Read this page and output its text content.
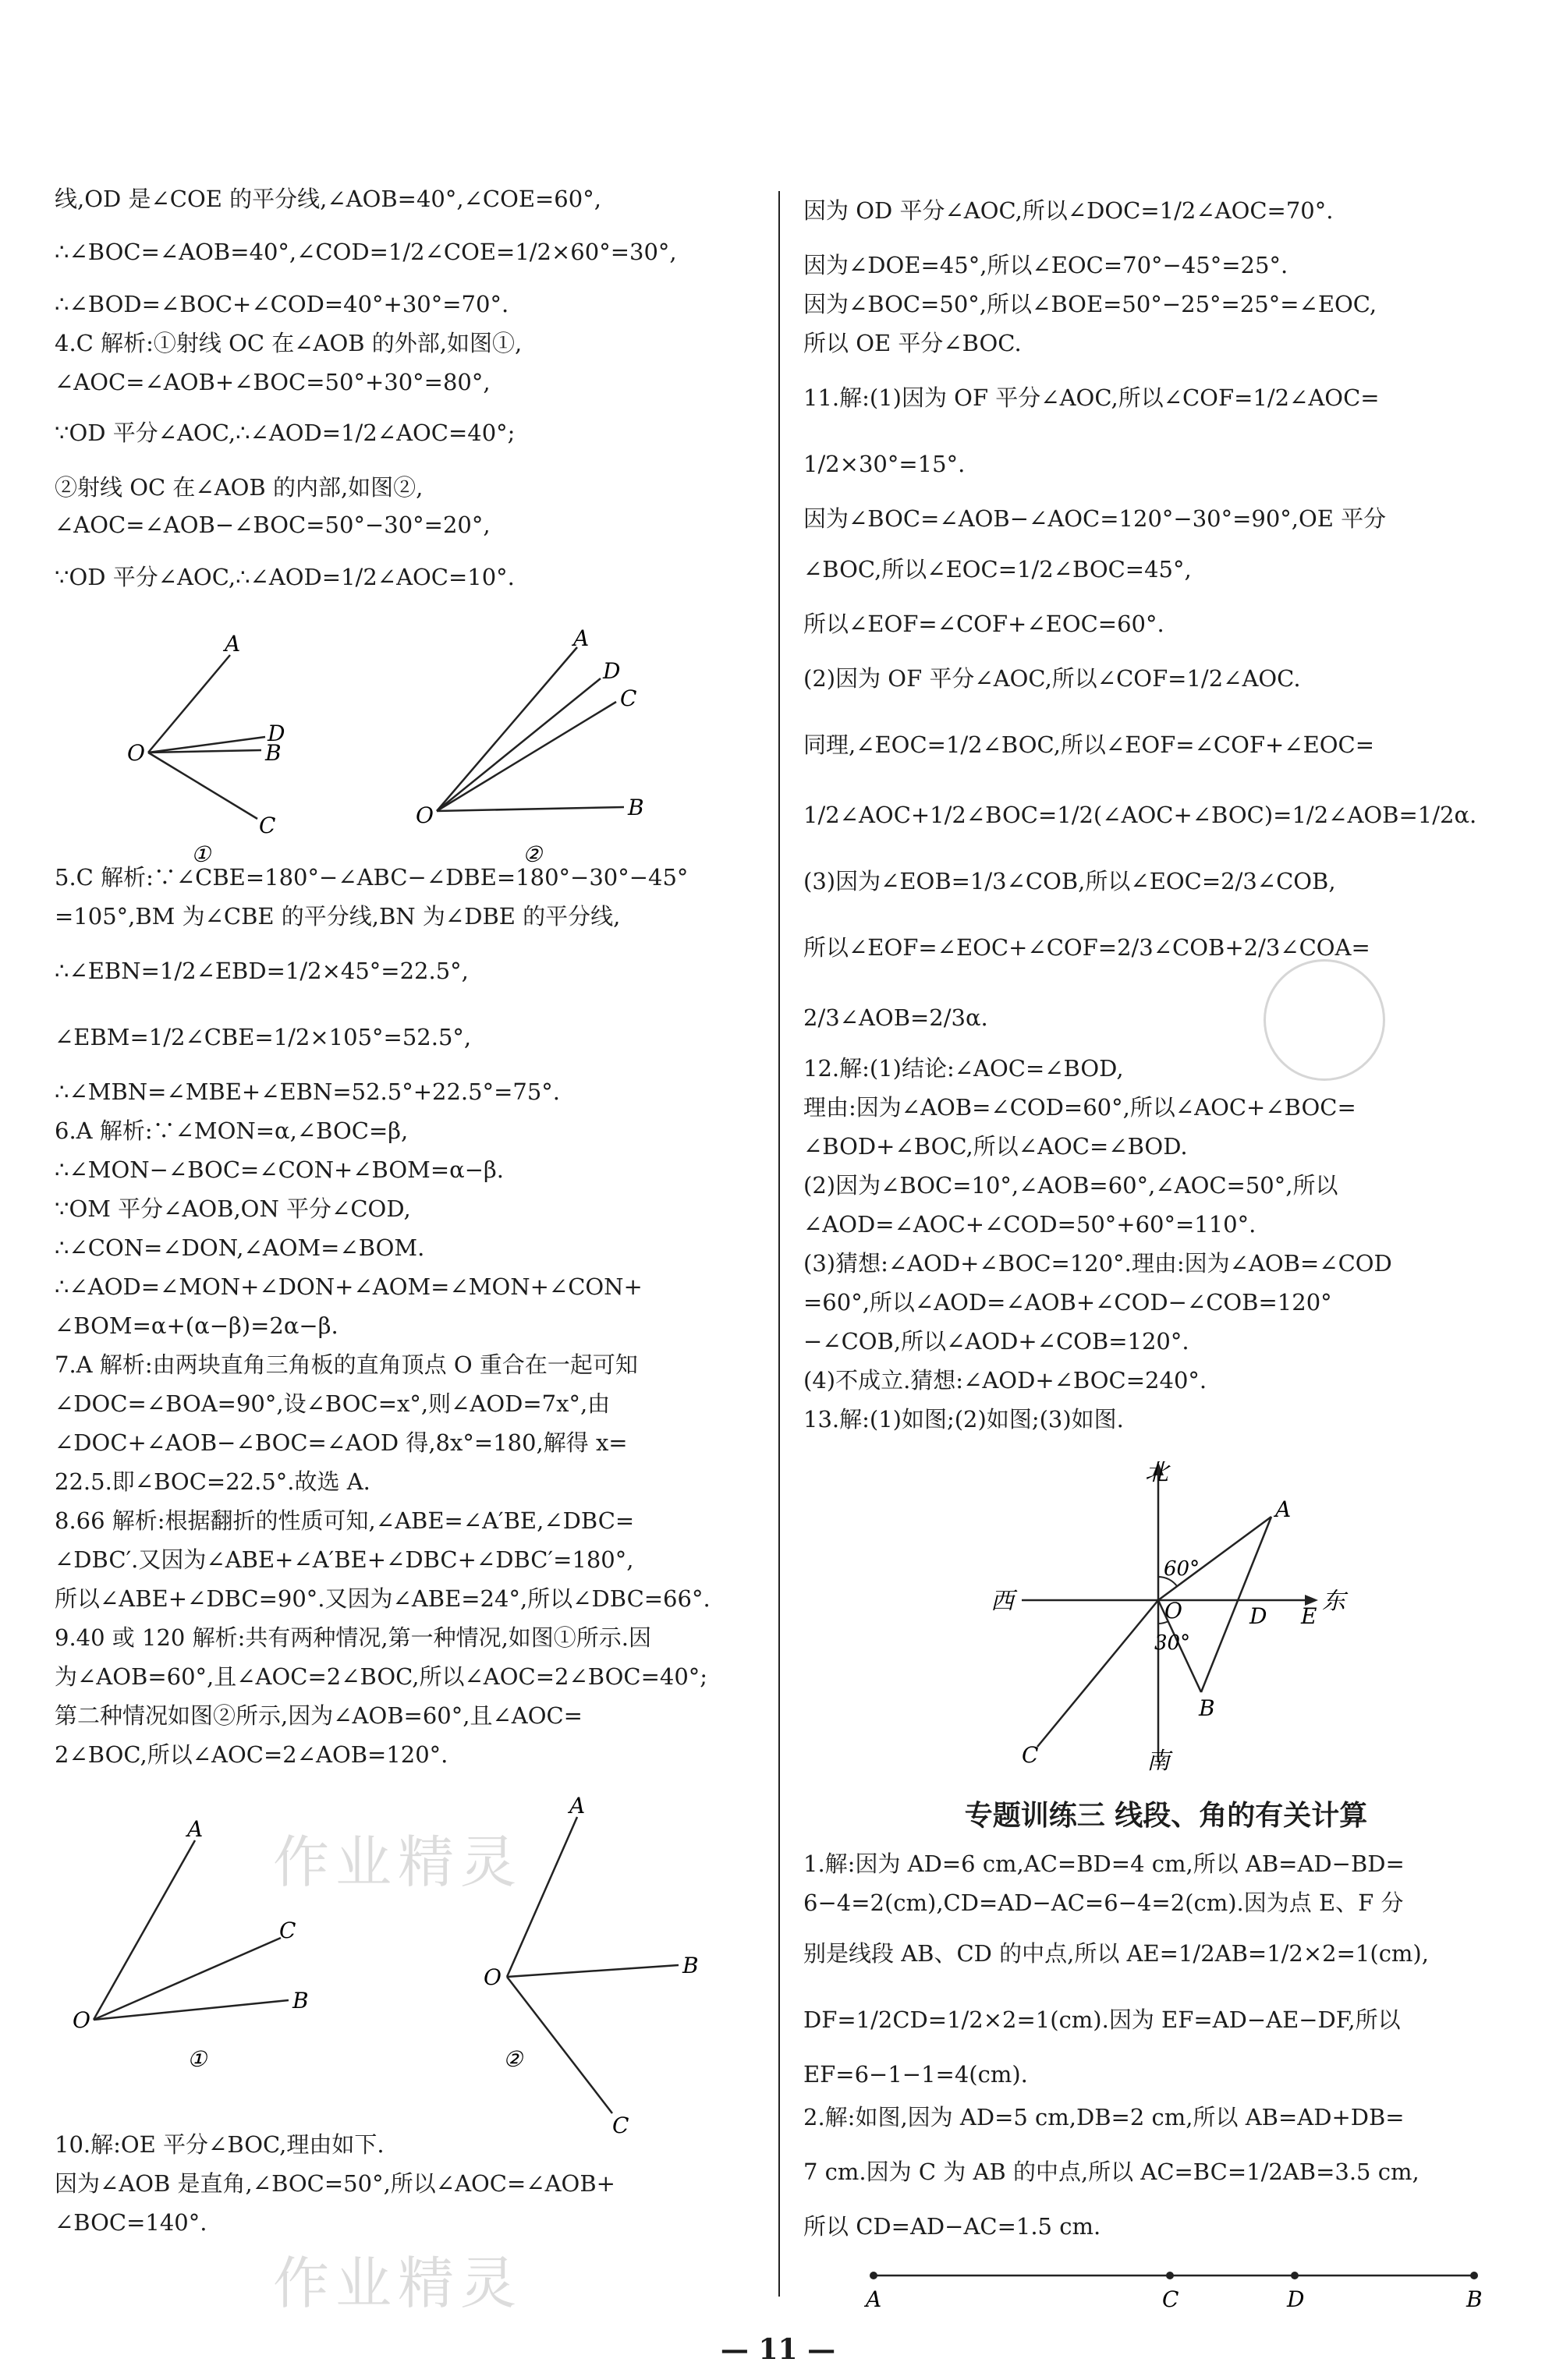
线,OD 是∠COE 的平分线,∠AOB=40°,∠COE=60°,
∴∠BOC=∠AOB=40°,∠COD=1/2∠COE=1/2×60°=30°,
∴∠BOD=∠BOC+∠COD=40°+30°=70°.
4.C 解析:①射线 OC 在∠AOB 的外部,如图①,
∠AOC=∠AOB+∠BOC=50°+30°=80°,
∵OD 平分∠AOC,∴∠AOD=1/2∠AOC=40°;
②射线 OC 在∠AOB 的内部,如图②,
∠AOC=∠AOB−∠BOC=50°−30°=20°,
∵OD 平分∠AOC,∴∠AOD=1/2∠AOC=10°.
5.C 解析:∵∠CBE=180°−∠ABC−∠DBE=180°−30°−45°
=105°,BM 为∠CBE 的平分线,BN 为∠DBE 的平分线,
∴∠EBN=1/2∠EBD=1/2×45°=22.5°,
∠EBM=1/2∠CBE=1/2×105°=52.5°,
∴∠MBN=∠MBE+∠EBN=52.5°+22.5°=75°.
6.A 解析:∵∠MON=α,∠BOC=β,
∴∠MON−∠BOC=∠CON+∠BOM=α−β.
∵OM 平分∠AOB,ON 平分∠COD,
∴∠CON=∠DON,∠AOM=∠BOM.
∴∠AOD=∠MON+∠DON+∠AOM=∠MON+∠CON+
∠BOM=α+(α−β)=2α−β.
7.A 解析:由两块直角三角板的直角顶点 O 重合在一起可知
∠DOC=∠BOA=90°,设∠BOC=x°,则∠AOD=7x°,由
∠DOC+∠AOB−∠BOC=∠AOD 得,8x°=180,解得 x=
22.5.即∠BOC=22.5°.故选 A.
8.66 解析:根据翻折的性质可知,∠ABE=∠A′BE,∠DBC=
∠DBC′.又因为∠ABE+∠A′BE+∠DBC+∠DBC′=180°,
所以∠ABE+∠DBC=90°.又因为∠ABE=24°,所以∠DBC=66°.
9.40 或 120 解析:共有两种情况,第一种情况,如图①所示.因
为∠AOB=60°,且∠AOC=2∠BOC,所以∠AOC=2∠BOC=40°;
第二种情况如图②所示,因为∠AOB=60°,且∠AOC=
2∠BOC,所以∠AOC=2∠AOB=120°.
10.解:OE 平分∠BOC,理由如下.
因为∠AOB 是直角,∠BOC=50°,所以∠AOC=∠AOB+
∠BOC=140°.
因为 OD 平分∠AOC,所以∠DOC=1/2∠AOC=70°.
因为∠DOE=45°,所以∠EOC=70°−45°=25°.
因为∠BOC=50°,所以∠BOE=50°−25°=25°=∠EOC,
所以 OE 平分∠BOC.
11.解:(1)因为 OF 平分∠AOC,所以∠COF=1/2∠AOC=
1/2×30°=15°.
因为∠BOC=∠AOB−∠AOC=120°−30°=90°,OE 平分
∠BOC,所以∠EOC=1/2∠BOC=45°,
所以∠EOF=∠COF+∠EOC=60°.
(2)因为 OF 平分∠AOC,所以∠COF=1/2∠AOC.
同理,∠EOC=1/2∠BOC,所以∠EOF=∠COF+∠EOC=
1/2∠AOC+1/2∠BOC=1/2(∠AOC+∠BOC)=1/2∠AOB=1/2α.
(3)因为∠EOB=1/3∠COB,所以∠EOC=2/3∠COB,
所以∠EOF=∠EOC+∠COF=2/3∠COB+2/3∠COA=
2/3∠AOB=2/3α.
12.解:(1)结论:∠AOC=∠BOD,
理由:因为∠AOB=∠COD=60°,所以∠AOC+∠BOC=
∠BOD+∠BOC,所以∠AOC=∠BOD.
(2)因为∠BOC=10°,∠AOB=60°,∠AOC=50°,所以
∠AOD=∠AOC+∠COD=50°+60°=110°.
(3)猜想:∠AOD+∠BOC=120°.理由:因为∠AOB=∠COD
=60°,所以∠AOD=∠AOB+∠COD−∠COB=120°
−∠COB,所以∠AOD+∠COB=120°.
(4)不成立.猜想:∠AOD+∠BOC=240°.
13.解:(1)如图;(2)如图;(3)如图.
1.解:因为 AD=6 cm,AC=BD=4 cm,所以 AB=AD−BD=
6−4=2(cm),CD=AD−AC=6−4=2(cm).因为点 E、F 分
别是线段 AB、CD 的中点,所以 AE=1/2AB=1/2×2=1(cm),
DF=1/2CD=1/2×2=1(cm).因为 EF=AD−AE−DF,所以
EF=6−1−1=4(cm).
2.解:如图,因为 AD=5 cm,DB=2 cm,所以 AB=AD+DB=
7 cm.因为 C 为 AB 的中点,所以 AC=BC=1/2AB=3.5 cm,
所以 CD=AD−AC=1.5 cm.
A
D
B
C
O
①
A
D
C
B
O
②
A
C
B
O
①
A
B
C
O
②
北
南
东
西
60°
30°
A
O	D E
B
C
A	C	D	B
专题训练三 线段、角的有关计算
作业精灵
作业精灵
— 11 —
